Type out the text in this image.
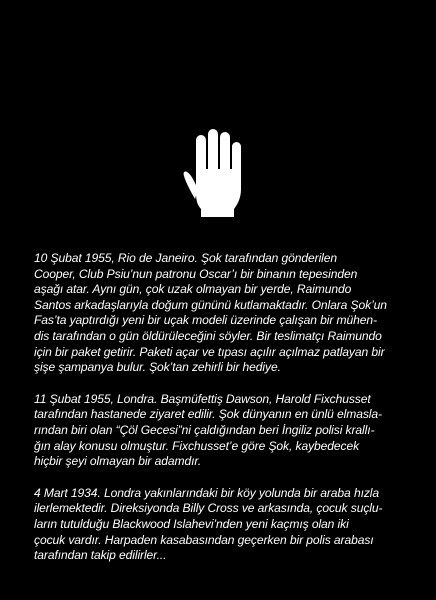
10 Şubat 1955, Rio de Janeiro. Şok tarafından gönderilen
Cooper, Club Psiu’nun patronu Oscar’ı bir binanın tepesinden
aşağı atar. Aynı gün, çok uzak olmayan bir yerde, Raimundo
Santos arkadaşlarıyla doğum gününü kutlamaktadır. Onlara Şok’un
Fas’ta yaptırdığı yeni bir uçak modeli üzerinde çalışan bir mühen-
dis tarafından o gün öldürüleceğini söyler. Bir teslimatçı Raimundo
için bir paket getirir. Paketi açar ve tıpası açılır açılmaz patlayan bir
şişe şampanya bulur. Şok’tan zehirli bir hediye.

11 Şubat 1955, Londra. Başmüfettiş Dawson, Harold Fixchusset
tarafından hastanede ziyaret edilir. Şok dünyanın en ünlü elmasla-
rından biri olan “Çöl Gecesi”ni çaldığından beri İngiliz polisi krallı-
ğın alay konusu olmuştur. Fixchusset’e göre Şok, kaybedecek
hiçbir şeyi olmayan bir adamdır.

4 Mart 1934. Londra yakınlarındaki bir köy yolunda bir araba hızla
ilerlemektedir. Direksiyonda Billy Cross ve arkasında, çocuk suçlu-
ların tutulduğu Blackwood Islahevi’nden yeni kaçmış olan iki
çocuk vardır. Harpaden kasabasından geçerken bir polis arabası
tarafından takip edilirler...
